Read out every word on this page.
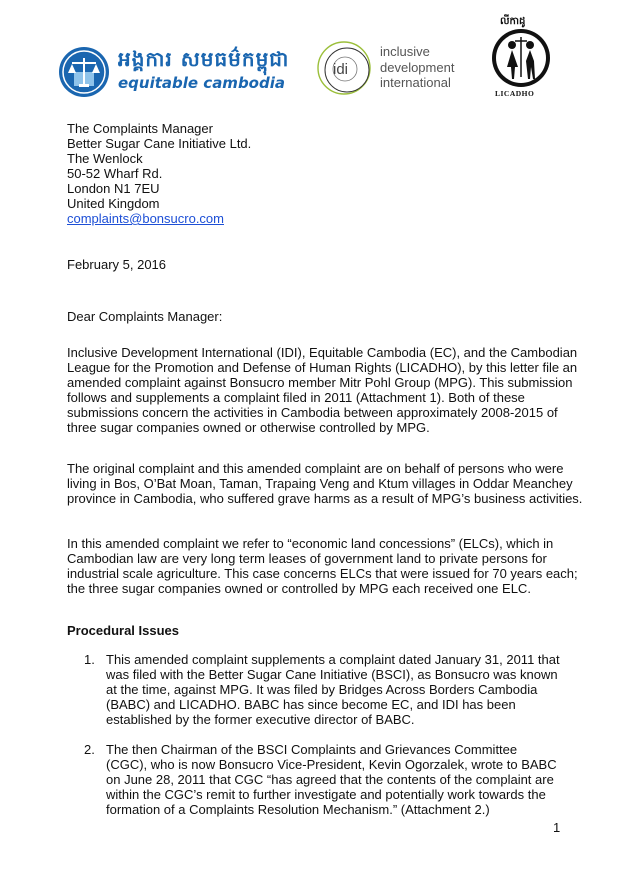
អង្គការ សមធម៌កម្ពុជា
equitable cambodia
idi
inclusive
development
international
លីកាដូ
LICADHO
The Complaints Manager
Better Sugar Cane Initiative Ltd.
The Wenlock
50-52 Wharf Rd.
London N1 7EU
United Kingdom
complaints@bonsucro.com
February 5, 2016
Dear Complaints Manager:
Inclusive Development International (IDI), Equitable Cambodia (EC), and the Cambodian League for the Promotion and Defense of Human Rights (LICADHO), by this letter file an amended complaint against Bonsucro member Mitr Pohl Group (MPG). This submission follows and supplements a complaint filed in 2011 (Attachment 1). Both of these submissions concern the activities in Cambodia between approximately 2008-2015 of three sugar companies owned or otherwise controlled by MPG.
The original complaint and this amended complaint are on behalf of persons who were living in Bos, O’Bat Moan, Taman, Trapaing Veng and Ktum villages in Oddar Meanchey province in Cambodia, who suffered grave harms as a result of MPG’s business activities.
In this amended complaint we refer to “economic land concessions” (ELCs), which in Cambodian law are very long term leases of government land to private persons for industrial scale agriculture. This case concerns ELCs that were issued for 70 years each; the three sugar companies owned or controlled by MPG each received one ELC.
Procedural Issues
1. This amended complaint supplements a complaint dated January 31, 2011 that was filed with the Better Sugar Cane Initiative (BSCI), as Bonsucro was known at the time, against MPG. It was filed by Bridges Across Borders Cambodia (BABC) and LICADHO. BABC has since become EC, and IDI has been established by the former executive director of BABC.
2. The then Chairman of the BSCI Complaints and Grievances Committee (CGC), who is now Bonsucro Vice-President, Kevin Ogorzalek, wrote to BABC on June 28, 2011 that CGC “has agreed that the contents of the complaint are within the CGC’s remit to further investigate and potentially work towards the formation of a Complaints Resolution Mechanism.” (Attachment 2.)
1
